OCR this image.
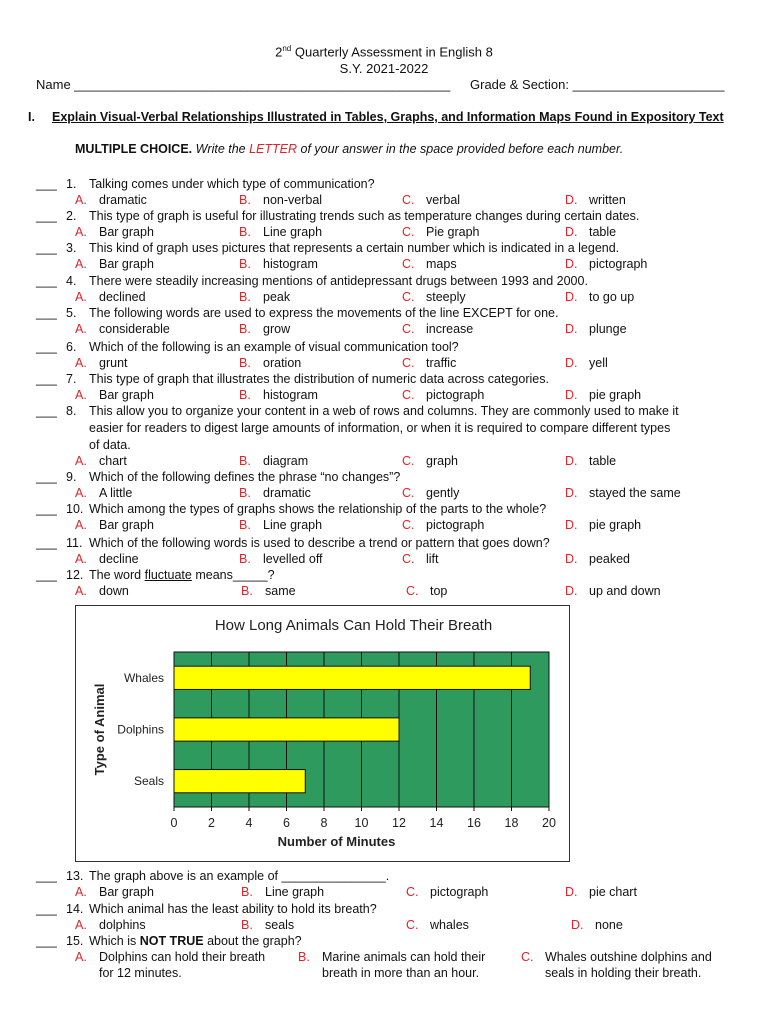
2nd Quarterly Assessment in English 8
S.Y. 2021-2022
Name ____________________________________________________ Grade & Section: _____________________
I. Explain Visual-Verbal Relationships Illustrated in Tables, Graphs, and Information Maps Found in Expository Text
MULTIPLE CHOICE. Write the LETTER of your answer in the space provided before each number.
___ 1. Talking comes under which type of communication?
A. dramatic	B. non-verbal	C. verbal	D. written
___ 2. This type of graph is useful for illustrating trends such as temperature changes during certain dates.
A. Bar graph	B. Line graph	C. Pie graph	D. table
___ 3. This kind of graph uses pictures that represents a certain number which is indicated in a legend.
A. Bar graph	B. histogram	C. maps	D. pictograph
___ 4. There were steadily increasing mentions of antidepressant drugs between 1993 and 2000.
A. declined	B. peak	C. steeply	D. to go up
___ 5. The following words are used to express the movements of the line EXCEPT for one.
A. considerable	B. grow	C. increase	D. plunge
___ 6. Which of the following is an example of visual communication tool?
A. grunt	B. oration	C. traffic	D. yell
___ 7. This type of graph that illustrates the distribution of numeric data across categories.
A. Bar graph	B. histogram	C. pictograph	D. pie graph
___ 8. This allow you to organize your content in a web of rows and columns. They are commonly used to make it
easier for readers to digest large amounts of information, or when it is required to compare different types
of data.
A. chart	B. diagram	C. graph	D. table
___ 9. Which of the following defines the phrase “no changes”?
A. A little	B. dramatic	C. gently	D. stayed the same
___ 10. Which among the types of graphs shows the relationship of the parts to the whole?
A. Bar graph	B. Line graph	C. pictograph	D. pie graph
___ 11. Which of the following words is used to describe a trend or pattern that goes down?
A. decline	B. levelled off	C. lift	D. peaked
___ 12. The word fluctuate means_____?
A. down	B. same	C. top	D. up and down
___ 13. The graph above is an example of _______________.
A. Bar graph	B. Line graph	C. pictograph	D. pie chart
___ 14. Which animal has the least ability to hold its breath?
A. dolphins	B. seals	C. whales	D. none
___ 15. Which is NOT TRUE about the graph?
A. Dolphins can hold their breath
for 12 minutes.
B. Marine animals can hold their
breath in more than an hour.
C. Whales outshine dolphins and
seals in holding their breath.
How Long Animals Can Hold Their Breath
Whales
Dolphins
Seals
0 2 4 6 8 10 12 14 16 18 20
Number of Minutes
Type of Animal
